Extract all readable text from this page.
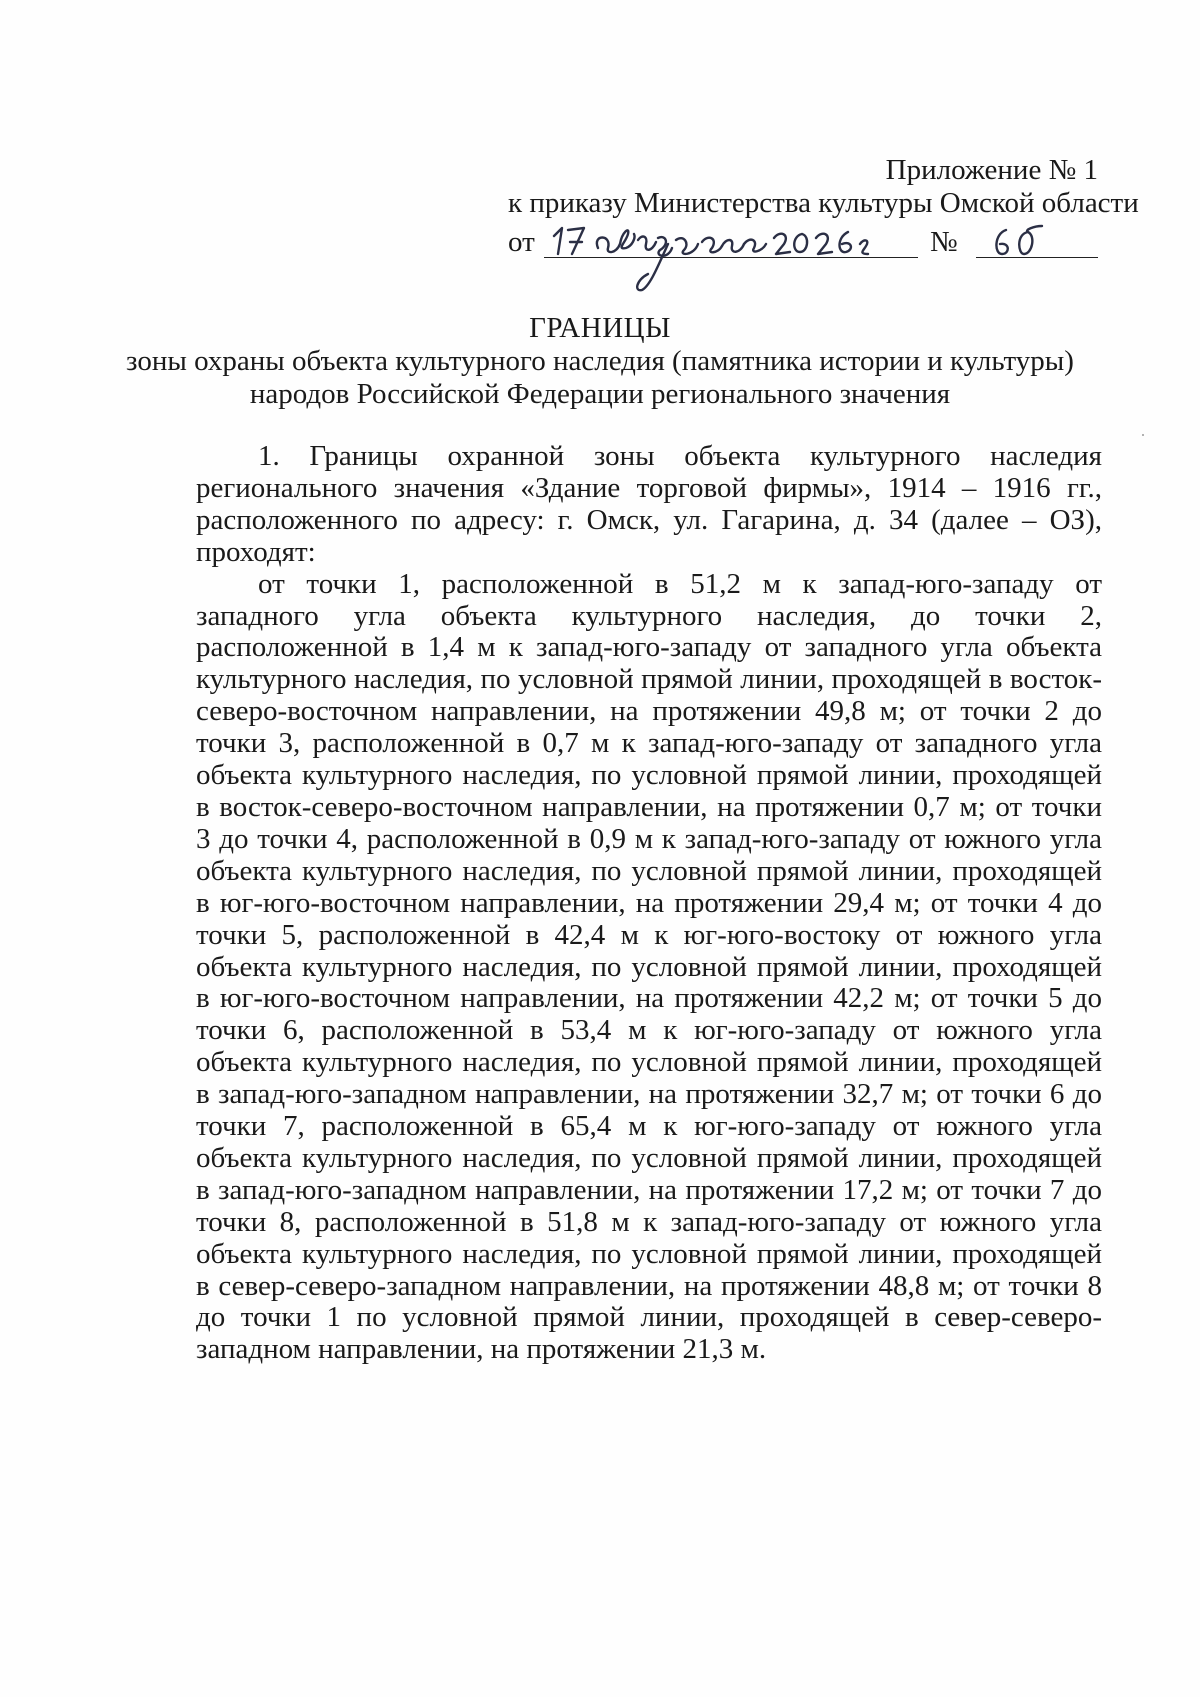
Приложение № 1
к приказу Министерства культуры Омской области
от	№
ГРАНИЦЫ
зоны охраны объекта культурного наследия (памятника истории и культуры)
народов Российской Федерации регионального значения

1. Границы охранной зоны объекта культурного наследия регионального значения «Здание торговой фирмы», 1914 – 1916 гг., расположенного по адресу: г. Омск, ул. Гагарина, д. 34 (далее – ОЗ), проходят:

от точки 1, расположенной в 51,2 м к запад-юго-западу от западного угла объекта культурного наследия, до точки 2, расположенной в 1,4 м к запад-юго-западу от западного угла объекта культурного наследия, по условной прямой линии, проходящей в восток-северо-восточном направлении, на протяжении 49,8 м; от точки 2 до точки 3, расположенной в 0,7 м к запад-юго-западу от западного угла объекта культурного наследия, по условной прямой линии, проходящей в восток-северо-восточном направлении, на протяжении 0,7 м; от точки 3 до точки 4, расположенной в 0,9 м к запад-юго-западу от южного угла объекта культурного наследия, по условной прямой линии, проходящей в юг-юго-восточном направлении, на протяжении 29,4 м; от точки 4 до точки 5, расположенной в 42,4 м к юг-юго-востоку от южного угла объекта культурного наследия, по условной прямой линии, проходящей в юг-юго-восточном направлении, на протяжении 42,2 м; от точки 5 до точки 6, расположенной в 53,4 м к юг-юго-западу от южного угла объекта культурного наследия, по условной прямой линии, проходящей в запад-юго-западном направлении, на протяжении 32,7 м; от точки 6 до точки 7, расположенной в 65,4 м к юг-юго-западу от южного угла объекта культурного наследия, по условной прямой линии, проходящей в запад-юго-западном направлении, на протяжении 17,2 м; от точки 7 до точки 8, расположенной в 51,8 м к запад-юго-западу от южного угла объекта культурного наследия, по условной прямой линии, проходящей в север-северо-западном направлении, на протяжении 48,8 м; от точки 8 до точки 1 по условной прямой линии, проходящей в север-северо-западном направлении, на протяжении 21,3 м.
